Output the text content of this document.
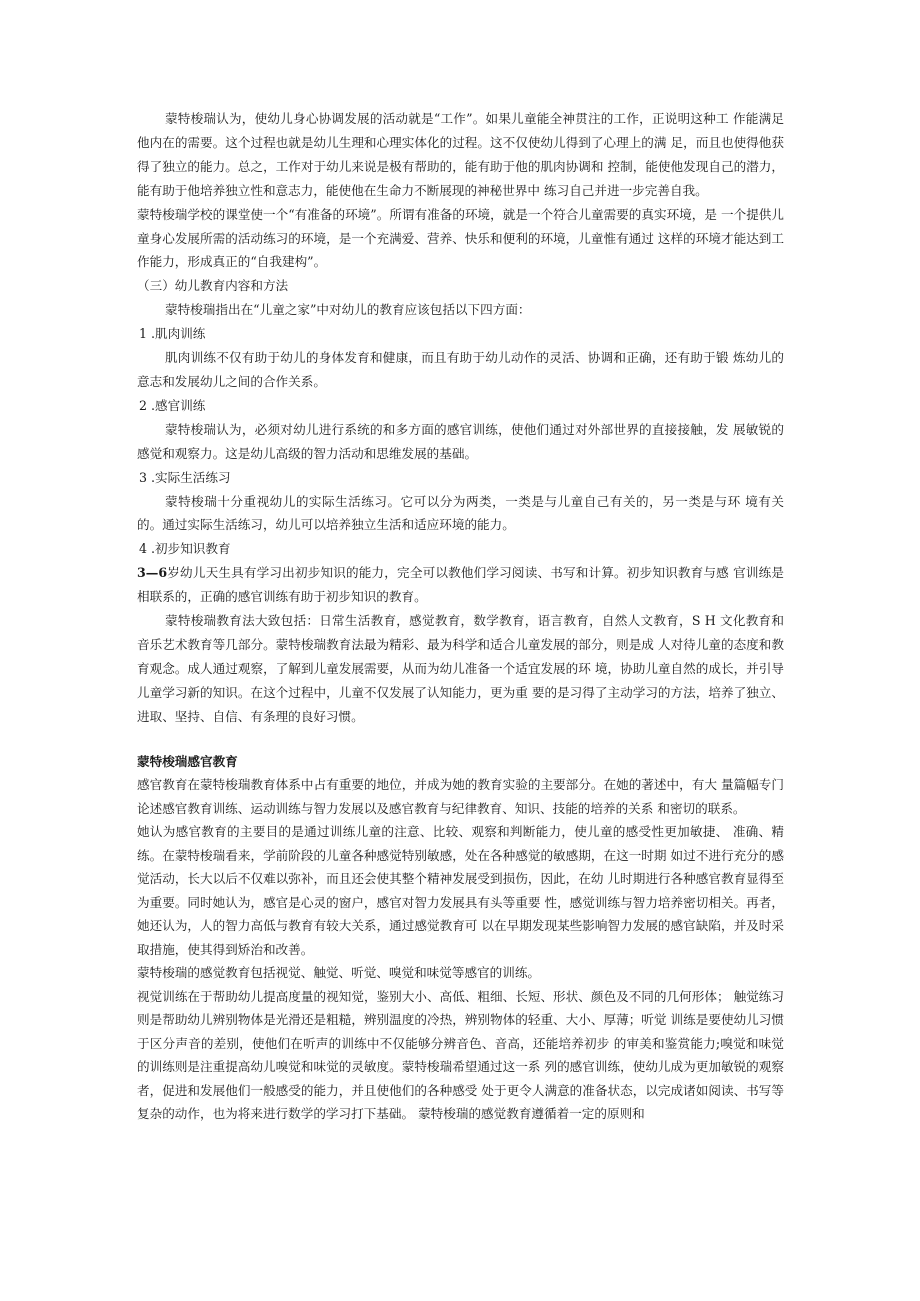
蒙特梭瑞认为，使幼儿身心协调发展的活动就是“工作”。如果儿童能全神贯注的工作，正说明这种工 作能满足他内在的需要。这个过程也就是幼儿生理和心理实体化的过程。这不仅使幼儿得到了心理上的满 足，而且也使得他获得了独立的能力。总之，工作对于幼儿来说是极有帮助的，能有助于他的肌肉协调和 控制，能使他发现自己的潜力，能有助于他培养独立性和意志力，能使他在生命力不断展现的神秘世界中 练习自己并进一步完善自我。

蒙特梭瑞学校的课堂使一个“有准备的环境”。所谓有准备的环境，就是一个符合儿童需要的真实环境，是 一个提供儿童身心发展所需的活动练习的环境，是一个充满爱、营养、快乐和便利的环境，儿童惟有通过 这样的环境才能达到工作能力，形成真正的“自我建构”。

（三）幼儿教育内容和方法

蒙特梭瑞指出在“儿童之家”中对幼儿的教育应该包括以下四方面：

1 .肌肉训练

肌肉训练不仅有助于幼儿的身体发育和健康，而且有助于幼儿动作的灵活、协调和正确，还有助于锻 炼幼儿的意志和发展幼儿之间的合作关系。

2 .感官训练

蒙特梭瑞认为，必须对幼儿进行系统的和多方面的感官训练，使他们通过对外部世界的直接接触，发 展敏锐的感觉和观察力。这是幼儿高级的智力活动和思维发展的基础。

3 .实际生活练习

蒙特梭瑞十分重视幼儿的实际生活练习。它可以分为两类，一类是与儿童自己有关的，另一类是与环 境有关的。通过实际生活练习，幼儿可以培养独立生活和适应环境的能力。

4 .初步知识教育

3—6岁幼儿天生具有学习出初步知识的能力，完全可以教他们学习阅读、书写和计算。初步知识教育与感 官训练是相联系的，正确的感官训练有助于初步知识的教育。

蒙特梭瑞教育法大致包括：日常生活教育，感觉教育，数学教育，语言教育，自然人文教育，S H 文化教育和音乐艺术教育等几部分。蒙特梭瑞教育法最为精彩、最为科学和适合儿童发展的部分，则是成 人对待儿童的态度和教育观念。成人通过观察，了解到儿童发展需要，从而为幼儿准备一个适宜发展的环 境，协助儿童自然的成长，并引导儿童学习新的知识。在这个过程中，儿童不仅发展了认知能力，更为重 要的是习得了主动学习的方法，培养了独立、进取、坚持、自信、有条理的良好习惯。

蒙特梭瑞感官教育

感官教育在蒙特梭瑞教育体系中占有重要的地位，并成为她的教育实验的主要部分。在她的著述中，有大 量篇幅专门论述感官教育训练、运动训练与智力发展以及感官教育与纪律教育、知识、技能的培养的关系 和密切的联系。

她认为感官教育的主要目的是通过训练儿童的注意、比较、观察和判断能力，使儿童的感受性更加敏捷、 准确、精练。在蒙特梭瑞看来，学前阶段的儿童各种感觉特别敏感，处在各种感觉的敏感期，在这一时期 如过不进行充分的感觉活动，长大以后不仅难以弥补，而且还会使其整个精神发展受到损伤，因此，在幼 儿时期进行各种感官教育显得至为重要。同时她认为，感官是心灵的窗户，感官对智力发展具有头等重要 性，感觉训练与智力培养密切相关。再者，她还认为，人的智力高低与教育有较大关系，通过感觉教育可 以在早期发现某些影响智力发展的感官缺陷，并及时采取措施，使其得到矫治和改善。

蒙特梭瑞的感觉教育包括视觉、触觉、听觉、嗅觉和味觉等感官的训练。

视觉训练在于帮助幼儿提高度量的视知觉，鉴别大小、高低、粗细、长短、形状、颜色及不同的几何形体； 触觉练习则是帮助幼儿辨别物体是光滑还是粗糙，辨别温度的冷热，辨别物体的轻重、大小、厚薄；听觉 训练是要使幼儿习惯于区分声音的差别，使他们在听声的训练中不仅能够分辨音色、音高，还能培养初步 的审美和鉴赏能力;嗅觉和味觉的训练则是注重提高幼儿嗅觉和味觉的灵敏度。蒙特梭瑞希望通过这一系 列的感官训练，使幼儿成为更加敏锐的观察者，促进和发展他们一般感受的能力，并且使他们的各种感受 处于更令人满意的准备状态，以完成诸如阅读、书写等复杂的动作，也为将来进行数学的学习打下基础。 蒙特梭瑞的感觉教育遵循着一定的原则和
